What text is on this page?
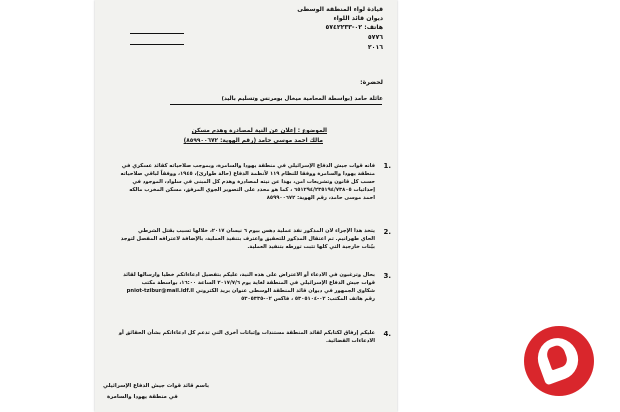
قيادة لواء المنطقة الوسطى
ديوان قائد اللواء
هاتف: ٠٢-٥٧٤٢٢٣٣
٥٧٧٦
٢٠١٦
لحضرة:
عائلة حامد (بواسطة المحامية ميخال بومرنس وتسليم باليد)
الموضوع : إعلان عن النية لمصادرة وهدم مسكن
مالك احمد موسى حامد (رقم الهوية: ٨٥٩٩٠٠٦٧٢)
1.
فانه قوات جيش الدفاع الإسرائيلي في منطقة يهودا والسامرة، وبموجب صلاحياته كقائد عسكري في
منطقة يهودا والسامرة ووفقا للنظام ١١٩ لأنظمة الدفاع (حالة طوارئ)، ١٩٤٥، ووفقاً لباقي صلاحياته
حسب كل قانون وتشريعات امن، بهذا عن نيته لمصادرة وهدم كل المبنى في سلواد، الموجود في
إحداثيات ٦٥١٢٩٤/٢٣٥١٩٤/٧٣٨٠٥ ، كما هو محدد على التصوير الجوي المرفق، مسكن المخرب مالكه
احمد موسى حامد، رقم الهوية: ٨٥٩٩٠٠٦٧٢
2.
يتخذ هذا الإجراء لان المذكور نفذ عملية دهس بيوم ٦ نيسان ٢٠١٧، خلالها تسبب بقتل الشرطي
الحاي طهرانيم. تم اعتقال المذكور للتحقيق واعترف بتنفيذ العملية، بالإضافة لاعترافه المفصل لتوجد
بيّنات خارجية التي كلها تثبت تورطه بتنفيذ العملية.
3.
بحال وترغبون في الادعاء أو الاعتراض على هذه النية، عليكم بتفصيل ادعاءاتكم خطيا وارسالها لقائد
قوات جيش الدفاع الإسرائيلي في المنطقة لغاية يوم ٢٠١٧/٧/٦ الساعة ١٦:٠٠، بواسطة مكتب
شكاوى الجمهور في ديوان قائد المنطقة الوسطى عنوان بريد الكتروني pniot-tzibur@mail.idf.il
رقم هاتف المكتب: ٠٢-٥٣٠٥١٠٤ ، فاكس ٠٢-٥٣٠٥٣٣٥
4.
عليكم إرفاق لكتابكم لقائد المنطقة مستندات وإثباتات أخرى التي تدعم كل ادعاءاتكم بشأن الحقائق أو
الادعاءات القضائية.
باسم قائد قوات جيش الدفاع الإسرائيلي
في منطقة يهودا والسامرة
